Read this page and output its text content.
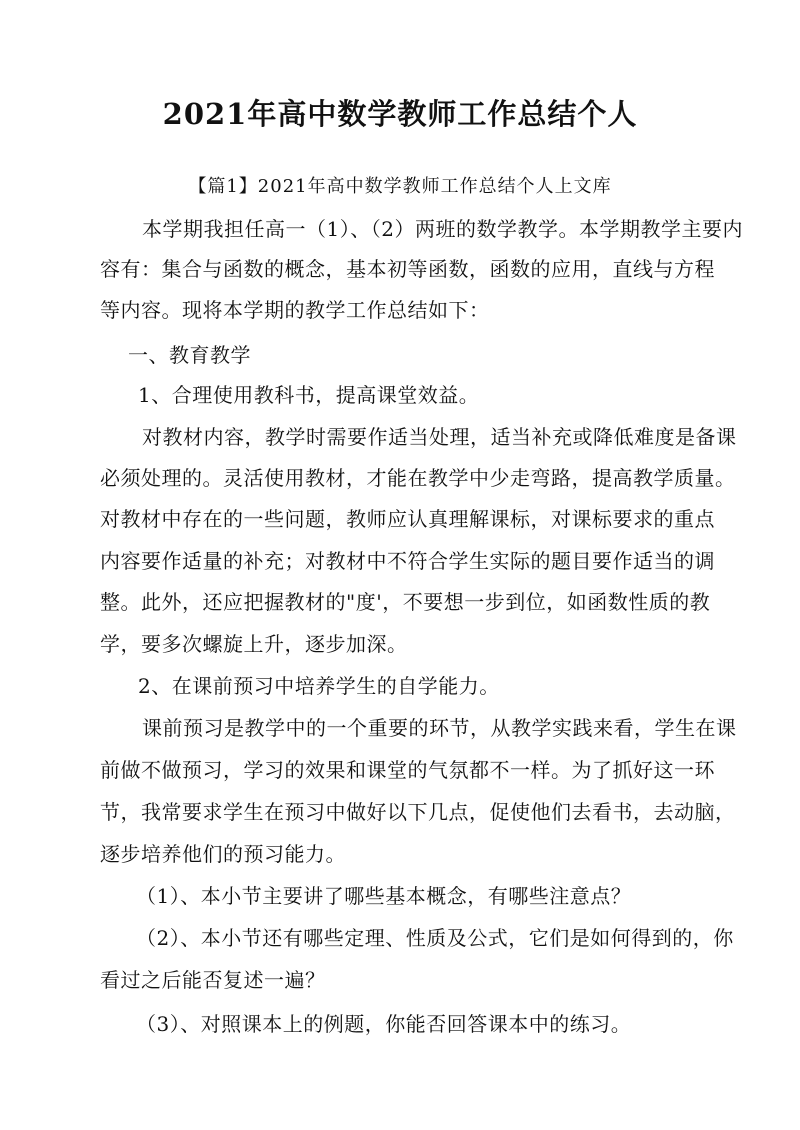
2021年高中数学教师工作总结个人
【篇1】2021年高中数学教师工作总结个人上文库
本学期我担任高一（1）、（2）两班的数学教学。本学期教学主要内
容有：集合与函数的概念，基本初等函数，函数的应用，直线与方程
等内容。现将本学期的教学工作总结如下：
一、教育教学
1、合理使用教科书，提高课堂效益。
对教材内容，教学时需要作适当处理，适当补充或降低难度是备课
必须处理的。灵活使用教材，才能在教学中少走弯路，提高教学质量。
对教材中存在的一些问题，教师应认真理解课标，对课标要求的重点
内容要作适量的补充；对教材中不符合学生实际的题目要作适当的调
整。此外，还应把握教材的"度'，不要想一步到位，如函数性质的教
学，要多次螺旋上升，逐步加深。
2、在课前预习中培养学生的自学能力。
课前预习是教学中的一个重要的环节，从教学实践来看，学生在课
前做不做预习，学习的效果和课堂的气氛都不一样。为了抓好这一环
节，我常要求学生在预习中做好以下几点，促使他们去看书，去动脑，
逐步培养他们的预习能力。
（1）、本小节主要讲了哪些基本概念，有哪些注意点？
（2）、本小节还有哪些定理、性质及公式，它们是如何得到的，你
看过之后能否复述一遍？
（3）、对照课本上的例题，你能否回答课本中的练习。
